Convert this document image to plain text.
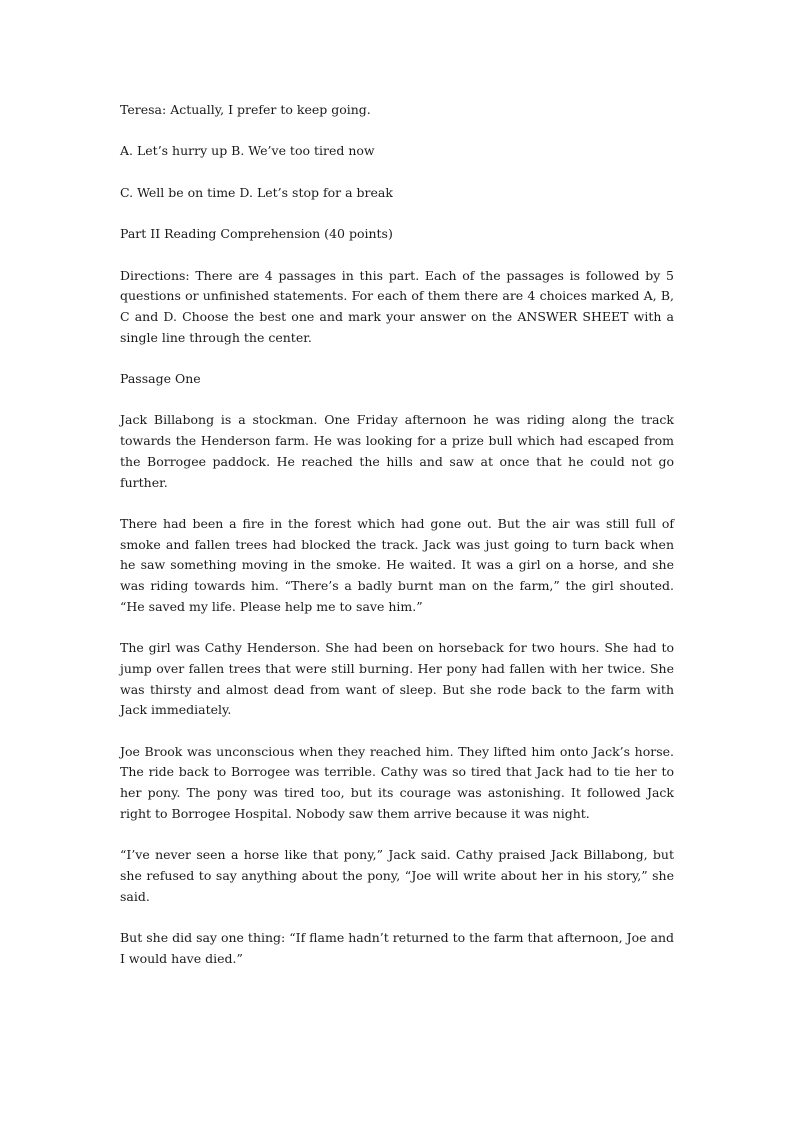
Teresa: Actually, I prefer to keep going.

A. Let’s hurry up B. We’ve too tired now

C. Well be on time D. Let’s stop for a break

Part II Reading Comprehension (40 points)

Directions: There are 4 passages in this part. Each of the passages is followed by 5 questions or unfinished statements. For each of them there are 4 choices marked A, B, C and D. Choose the best one and mark your answer on the ANSWER SHEET with a single line through the center.

Passage One

Jack Billabong is a stockman. One Friday afternoon he was riding along the track towards the Henderson farm. He was looking for a prize bull which had escaped from the Borrogee paddock. He reached the hills and saw at once that he could not go further.

There had been a fire in the forest which had gone out. But the air was still full of smoke and fallen trees had blocked the track. Jack was just going to turn back when he saw something moving in the smoke. He waited. It was a girl on a horse, and she was riding towards him. “There’s a badly burnt man on the farm,” the girl shouted. “He saved my life. Please help me to save him.”

The girl was Cathy Henderson. She had been on horseback for two hours. She had to jump over fallen trees that were still burning. Her pony had fallen with her twice. She was thirsty and almost dead from want of sleep. But she rode back to the farm with Jack immediately.

Joe Brook was unconscious when they reached him. They lifted him onto Jack’s horse. The ride back to Borrogee was terrible. Cathy was so tired that Jack had to tie her to her pony. The pony was tired too, but its courage was astonishing. It followed Jack right to Borrogee Hospital. Nobody saw them arrive because it was night.

“I’ve never seen a horse like that pony,” Jack said. Cathy praised Jack Billabong, but she refused to say anything about the pony, “Joe will write about her in his story,” she said.

But she did say one thing: “If flame hadn’t returned to the farm that afternoon, Joe and I would have died.”
